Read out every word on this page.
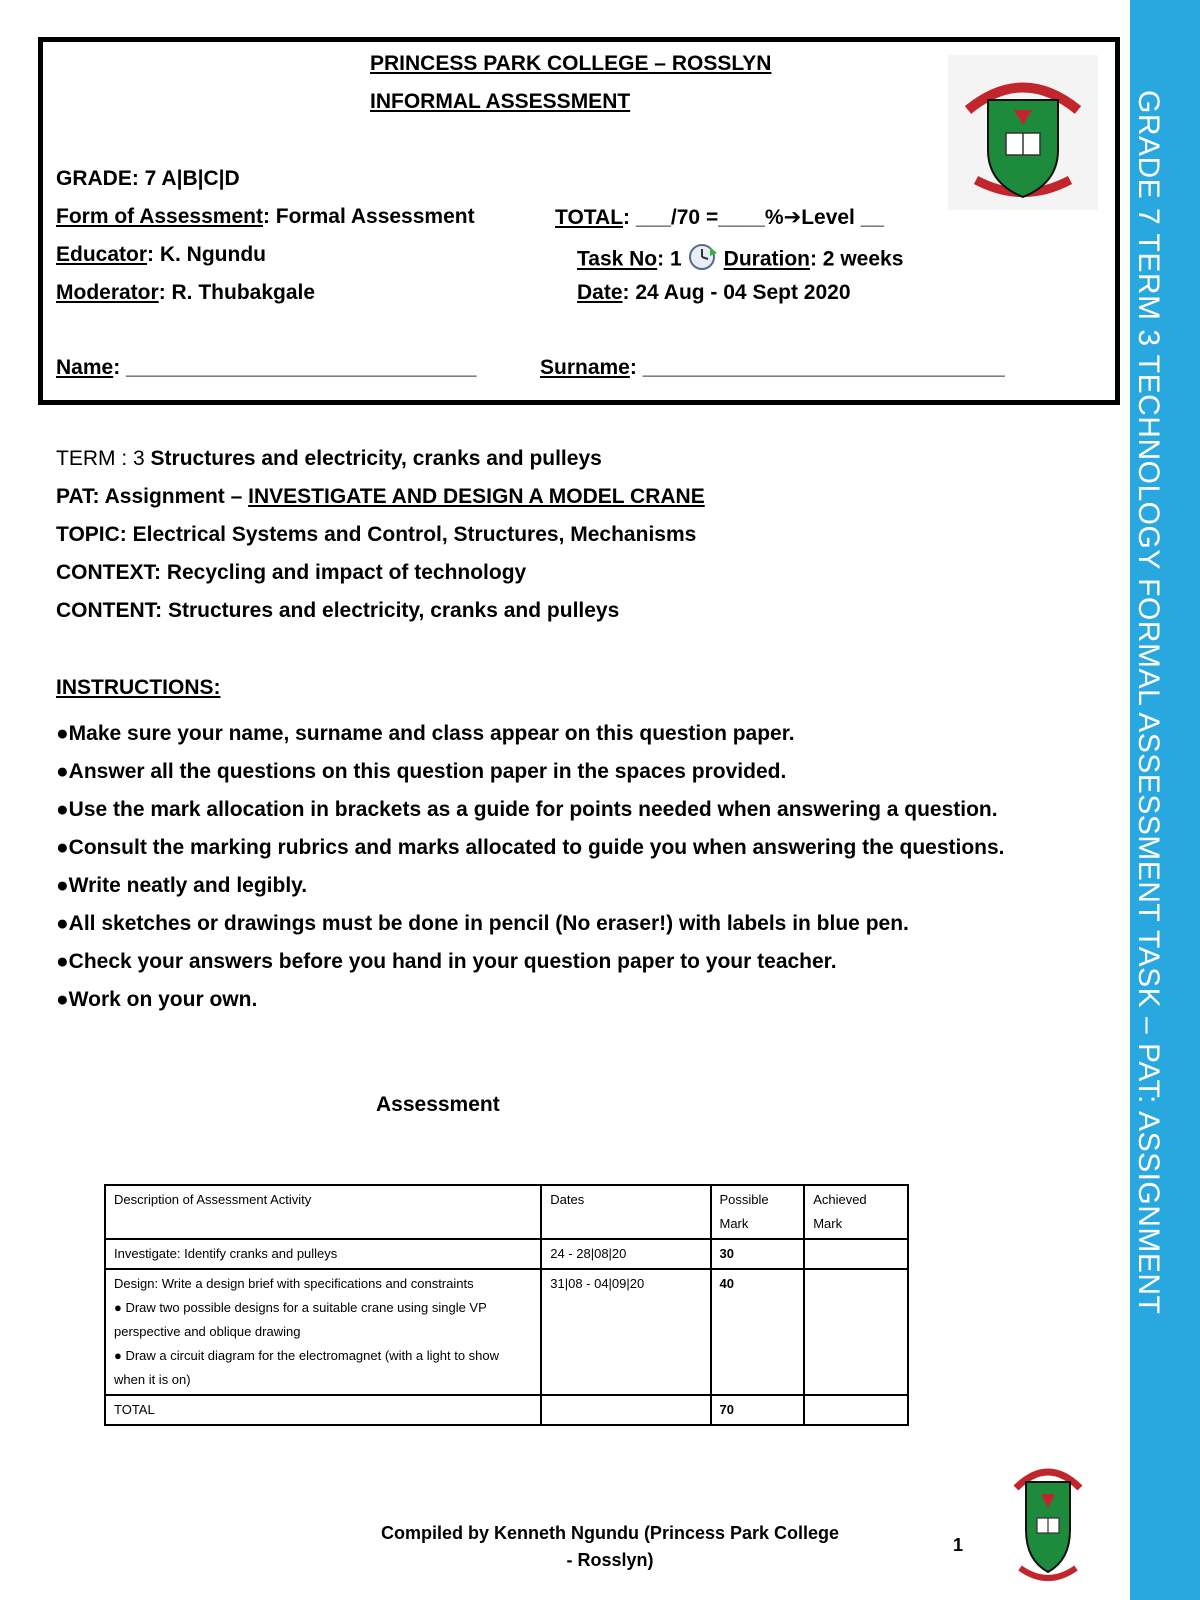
GRADE 7 TERM 3 TECHNOLOGY FORMAL ASSESSMENT TASK – PAT: ASSIGNMENT
PRINCESS PARK COLLEGE – ROSSLYN
INFORMAL ASSESSMENT
GRADE: 7 A|B|C|D
Form of Assessment: Formal Assessment	TOTAL: ___/70 =____%➔Level __
Educator: K. Ngundu	Task No: 1 Duration: 2 weeks
Moderator: R. Thubakgale	Date: 24 Aug - 04 Sept 2020
Name: ______________________________	Surname: _______________________________
TERM : 3 Structures and electricity, cranks and pulleys
PAT: Assignment – INVESTIGATE AND DESIGN A MODEL CRANE
TOPIC: Electrical Systems and Control, Structures, Mechanisms
CONTEXT: Recycling and impact of technology
CONTENT: Structures and electricity, cranks and pulleys
INSTRUCTIONS:
●Make sure your name, surname and class appear on this question paper.
●Answer all the questions on this question paper in the spaces provided.
●Use the mark allocation in brackets as a guide for points needed when answering a question.
●Consult the marking rubrics and marks allocated to guide you when answering the questions.
●Write neatly and legibly.
●All sketches or drawings must be done in pencil (No eraser!) with labels in blue pen.
●Check your answers before you hand in your question paper to your teacher.
●Work on your own.
Assessment
Description of Assessment Activity	Dates	Possible Mark	Achieved Mark
Investigate: Identify cranks and pulleys	24 - 28|08|20	30	

Design: Write a design brief with specifications and constraints
● Draw two possible designs for a suitable crane using single VP perspective and oblique drawing
● Draw a circuit diagram for the electromagnet (with a light to show when it is on)	31|08 - 04|09|20	40	
TOTAL		70	
Compiled by Kenneth Ngundu (Princess Park College - Rosslyn)
1
